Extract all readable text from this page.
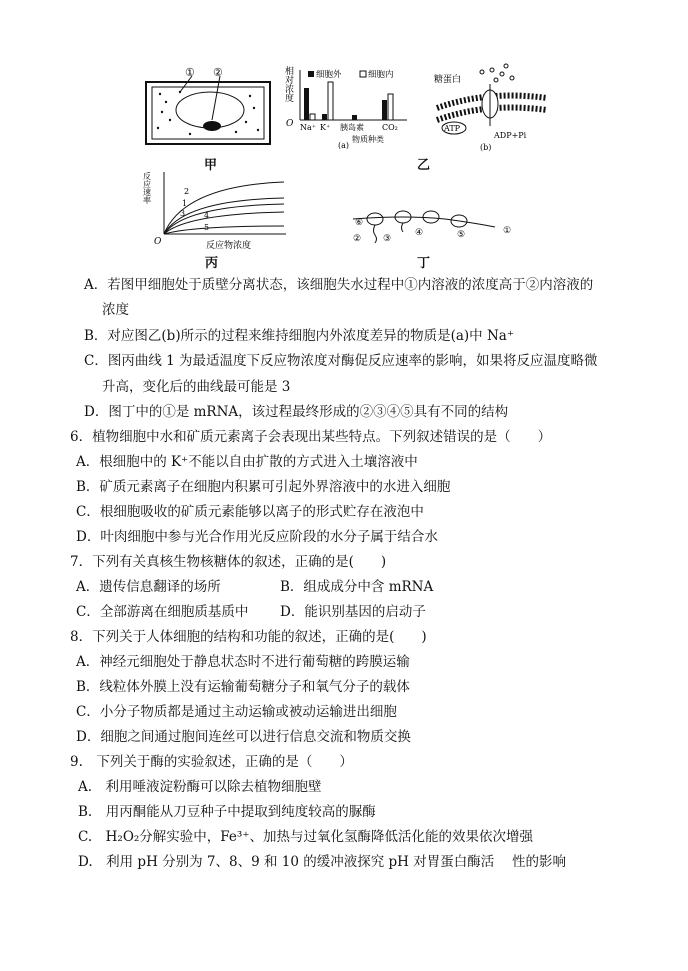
① ②
甲
相对浓度	细胞外	细胞内
Na⁺ K⁺ 胰岛素 CO₂
O
(a)
物质种类
糖蛋白
ATP
ADP+Pi
(b)
乙
反应速率	2
1
3 4
5
O	反应物浓度
丙
⑥
② ③
④	⑤	①
丁
A．若图甲细胞处于质壁分离状态，该细胞失水过程中①内溶液的浓度高于②内溶液的
浓度
B．对应图乙(b)所示的过程来维持细胞内外浓度差异的物质是(a)中 Na⁺
C．图丙曲线 1 为最适温度下反应物浓度对酶促反应速率的影响，如果将反应温度略微
升高，变化后的曲线最可能是 3
D．图丁中的①是 mRNA，该过程最终形成的②③④⑤具有不同的结构
6．植物细胞中水和矿质元素离子会表现出某些特点。下列叙述错误的是（　　）
A．根细胞中的 K⁺不能以自由扩散的方式进入土壤溶液中
B．矿质元素离子在细胞内积累可引起外界溶液中的水进入细胞
C．根细胞吸收的矿质元素能够以离子的形式贮存在液泡中
D．叶肉细胞中参与光合作用光反应阶段的水分子属于结合水
7．下列有关真核生物核糖体的叙述，正确的是(　　)
A．遗传信息翻译的场所	B．组成成分中含 mRNA
C．全部游离在细胞质基质中 D．能识别基因的启动子
8．下列关于人体细胞的结构和功能的叙述，正确的是(　　)
A．神经元细胞处于静息状态时不进行葡萄糖的跨膜运输
B．线粒体外膜上没有运输葡萄糖分子和氧气分子的载体
C．小分子物质都是通过主动运输或被动运输进出细胞
D．细胞之间通过胞间连丝可以进行信息交流和物质交换
9.　下列关于酶的实验叙述，正确的是（　　）
A.　利用唾液淀粉酶可以除去植物细胞壁
B.　用丙酮能从刀豆种子中提取到纯度较高的脲酶
C.　H₂O₂分解实验中，Fe³⁺、加热与过氧化氢酶降低活化能的效果依次增强
D.　利用 pH 分别为 7、8、9 和 10 的缓冲液探究 pH 对胃蛋白酶活　 性的影响
